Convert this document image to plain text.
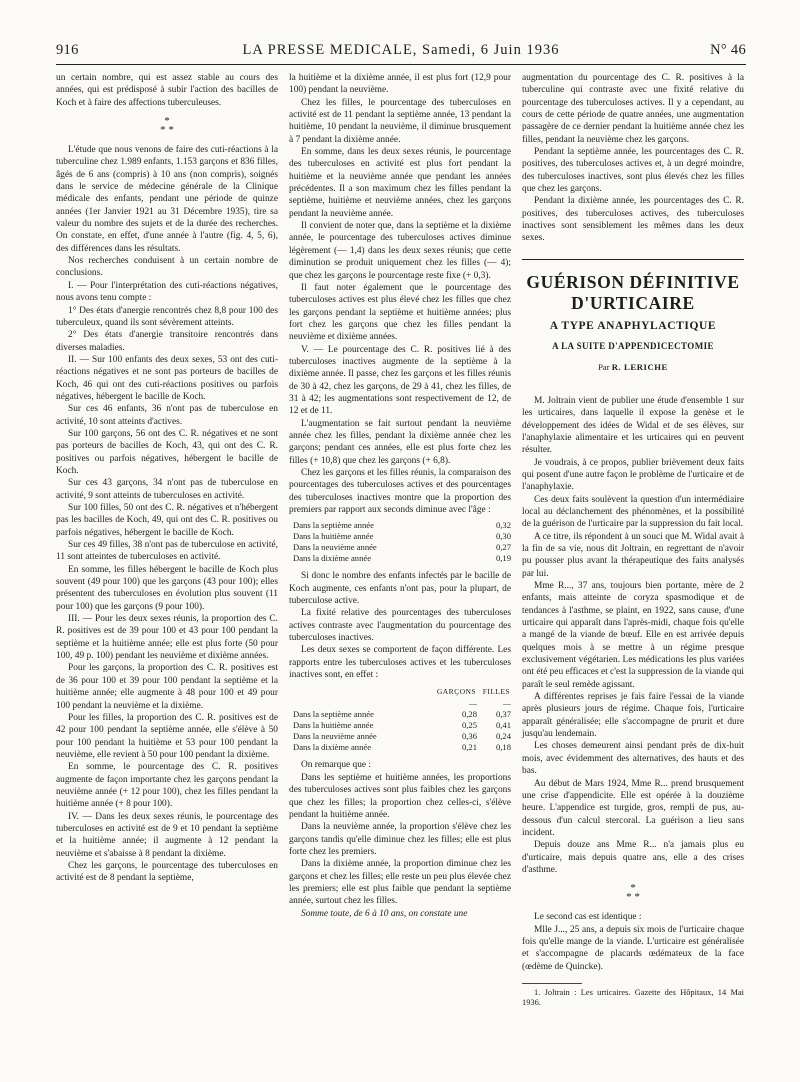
916	LA PRESSE MEDICALE, Samedi, 6 Juin 1936	N° 46

un certain nombre, qui est assez stable au cours des années, qui est prédisposé à subir l'action des bacilles de Koch et à faire des affections tuberculeuses.

*
* *

L'étude que nous venons de faire des cuti-réactions à la tuberculine chez 1.989 enfants, 1.153 garçons et 836 filles, âgés de 6 ans (compris) à 10 ans (non compris), soignés dans le service de médecine générale de la Clinique médicale des enfants, pendant une période de quinze années (1er Janvier 1921 au 31 Décembre 1935), tire sa valeur du nombre des sujets et de la durée des recherches. On constate, en effet, d'une année à l'autre (fig. 4, 5, 6), des différences dans les résultats.

Nos recherches conduisent à un certain nombre de conclusions.

I. — Pour l'interprétation des cuti-réactions négatives, nous avons tenu compte :

1° Des états d'anergie rencontrés chez 8,8 pour 100 des tuberculeux, quand ils sont sévèrement atteints.

2° Des états d'anergie transitoire rencontrés dans diverses maladies.

II. — Sur 100 enfants des deux sexes, 53 ont des cuti-réactions négatives et ne sont pas porteurs de bacilles de Koch, 46 qui ont des cuti-réactions positives ou parfois négatives, hébergent le bacille de Koch.

Sur ces 46 enfants, 36 n'ont pas de tuberculose en activité, 10 sont atteints d'actives.

Sur 100 garçons, 56 ont des C. R. négatives et ne sont pas porteurs de bacilles de Koch, 43, qui ont des C. R. positives ou parfois négatives, hébergent le bacille de Koch.

Sur ces 43 garçons, 34 n'ont pas de tuberculose en activité, 9 sont atteints de tuberculoses en activité.

Sur 100 filles, 50 ont des C. R. négatives et n'hébergent pas les bacilles de Koch, 49, qui ont des C. R. positives ou parfois négatives, hébergent le bacille de Koch.

Sur ces 49 filles, 38 n'ont pas de tuberculose en activité, 11 sont atteintes de tuberculoses en activité.

En somme, les filles hébergent le bacille de Koch plus souvent (49 pour 100) que les garçons (43 pour 100); elles présentent des tuberculoses en évolution plus souvent (11 pour 100) que les garçons (9 pour 100).

III. — Pour les deux sexes réunis, la proportion des C. R. positives est de 39 pour 100 et 43 pour 100 pendant la septième et la huitième année; elle est plus forte (50 pour 100, 49 p. 100) pendant les neuvième et dixième années.

Pour les garçons, la proportion des C. R. positives est de 36 pour 100 et 39 pour 100 pendant la septième et la huitième année; elle augmente à 48 pour 100 et 49 pour 100 pendant la neuvième et la dixième.

Pour les filles, la proportion des C. R. positives est de 42 pour 100 pendant la septième année, elle s'élève à 50 pour 100 pendant la huitième et 53 pour 100 pendant la neuvième, elle revient à 50 pour 100 pendant la dixième.

En somme, le pourcentage des C. R. positives augmente de façon importante chez les garçons pendant la neuvième année (+ 12 pour 100), chez les filles pendant la huitième année (+ 8 pour 100).

IV. — Dans les deux sexes réunis, le pourcentage des tuberculoses en activité est de 9 et 10 pendant la septième et la huitième année; il augmente à 12 pendant la neuvième et s'abaisse à 8 pendant la dixième.

Chez les garçons, le pourcentage des tuberculoses en activité est de 8 pendant la septième,

la huitième et la dixième année, il est plus fort (12,9 pour 100) pendant la neuvième.

Chez les filles, le pourcentage des tuberculoses en activité est de 11 pendant la septième année, 13 pendant la huitième, 10 pendant la neuvième, il diminue brusquement à 7 pendant la dixième année.

En somme, dans les deux sexes réunis, le pourcentage des tuberculoses en activité est plus fort pendant la huitième et la neuvième année que pendant les années précédentes. Il a son maximum chez les filles pendant la septième, huitième et neuvième années, chez les garçons pendant la neuvième année.

Il convient de noter que, dans la septième et la dixième année, le pourcentage des tuberculoses actives diminue légèrement (— 1,4) dans les deux sexes réunis; que cette diminution se produit uniquement chez les filles (— 4); que chez les garçons le pourcentage reste fixe (+ 0,3).

Il faut noter également que le pourcentage des tuberculoses actives est plus élevé chez les filles que chez les garçons pendant la septième et huitième années; plus fort chez les garçons que chez les filles pendant la neuvième et dixième années.

V. — Le pourcentage des C. R. positives lié à des tuberculoses inactives augmente de la septième à la dixième année. Il passe, chez les garçons et les filles réunis de 30 à 42, chez les garçons, de 29 à 41, chez les filles, de 31 à 42; les augmentations sont respectivement de 12, de 12 et de 11.

L'augmentation se fait surtout pendant la neuvième année chez les filles, pendant la dixième année chez les garçons; pendant ces années, elle est plus forte chez les filles (+ 10,8) que chez les garçons (+ 6,8).

Chez les garçons et les filles réunis, la comparaison des pourcentages des tuberculoses actives et des pourcentages des tuberculoses inactives montre que la proportion des premiers par rapport aux seconds diminue avec l'âge :

Dans la septième année	0,32
Dans la huitième année	0,30
Dans la neuvième année	0,27
Dans la dixième année	0,19

Si donc le nombre des enfants infectés par le bacille de Koch augmente, ces enfants n'ont pas, pour la plupart, de tuberculose active.

La fixité relative des pourcentages des tuberculoses actives contraste avec l'augmentation du pourcentage des tuberculoses inactives.

Les deux sexes se comportent de façon différente. Les rapports entre les tuberculoses actives et les tuberculoses inactives sont, en effet :

	GARÇONS	FILLES
	—	—
Dans la septième année	0,28	0,37
Dans la huitième année	0,25	0,41
Dans la neuvième année	0,36	0,24
Dans la dixième année	0,21	0,18

On remarque que :

Dans les septième et huitième années, les proportions des tuberculoses actives sont plus faibles chez les garçons que chez les filles; la proportion chez celles-ci, s'élève pendant la huitième année.

Dans la neuvième année, la proportion s'élève chez les garçons tandis qu'elle diminue chez les filles; elle est plus forte chez les premiers.

Dans la dixième année, la proportion diminue chez les garçons et chez les filles; elle reste un peu plus élevée chez les premiers; elle est plus faible que pendant la septième année, surtout chez les filles.

Somme toute, de 6 à 10 ans, on constate une

augmentation du pourcentage des C. R. positives à la tuberculine qui contraste avec une fixité relative du pourcentage des tuberculoses actives. Il y a cependant, au cours de cette période de quatre années, une augmentation passagère de ce dernier pendant la huitième année chez les filles, pendant la neuvième chez les garçons.

Pendant la septième année, les pourcentages des C. R. positives, des tuberculoses actives et, à un degré moindre, des tuberculoses inactives, sont plus élevés chez les filles que chez les garçons.

Pendant la dixième année, les pourcentages des C. R. positives, des tuberculoses actives, des tuberculoses inactives sont sensiblement les mêmes dans les deux sexes.

GUÉRISON DÉFINITIVE
D'URTICAIRE
A TYPE ANAPHYLACTIQUE
A LA SUITE D'APPENDICECTOMIE
Par R. LERICHE

M. Joltrain vient de publier une étude d'ensemble 1 sur les urticaires, dans laquelle il expose la genèse et le développement des idées de Widal et de ses élèves, sur l'anaphylaxie alimentaire et les urticaires qui en peuvent résulter.

Je voudrais, à ce propos, publier brièvement deux faits qui posent d'une autre façon le problème de l'urticaire et de l'anaphylaxie.

Ces deux faits soulèvent la question d'un intermédiaire local au déclanchement des phénomènes, et la possibilité de la guérison de l'urticaire par la suppression du fait local.

A ce titre, ils répondent à un souci que M. Widal avait à la fin de sa vie, nous dit Joltrain, en regrettant de n'avoir pu pousser plus avant la thérapeutique des faits analysés par lui.

Mme R..., 37 ans, toujours bien portante, mère de 2 enfants, mais atteinte de coryza spasmodique et de tendances à l'asthme, se plaint, en 1922, sans cause, d'une urticaire qui apparaît dans l'après-midi, chaque fois qu'elle a mangé de la viande de bœuf. Elle en est arrivée depuis quelques mois à se mettre à un régime presque exclusivement végétarien. Les médications les plus variées ont été peu efficaces et c'est la suppression de la viande qui paraît le seul remède agissant.

A différentes reprises je fais faire l'essai de la viande après plusieurs jours de régime. Chaque fois, l'urticaire apparaît généralisée; elle s'accompagne de prurit et dure jusqu'au lendemain.

Les choses demeurent ainsi pendant près de dix-huit mois, avec évidemment des alternatives, des hauts et des bas.

Au début de Mars 1924, Mme R... prend brusquement une crise d'appendicite. Elle est opérée à la douzième heure. L'appendice est turgide, gros, rempli de pus, au-dessous d'un calcul stercoral. La guérison a lieu sans incident.

Depuis douze ans Mme R... n'a jamais plus eu d'urticaire, mais depuis quatre ans, elle a des crises d'asthme.

*
* *

Le second cas est identique :

Mlle J..., 25 ans, a depuis six mois de l'urticaire chaque fois qu'elle mange de la viande. L'urticaire est généralisée et s'accompagne de placards œdémateux de la face (œdème de Quincke).

1. Joltrain : Les urticaires. Gazette des Hôpitaux, 14 Mai 1936.
